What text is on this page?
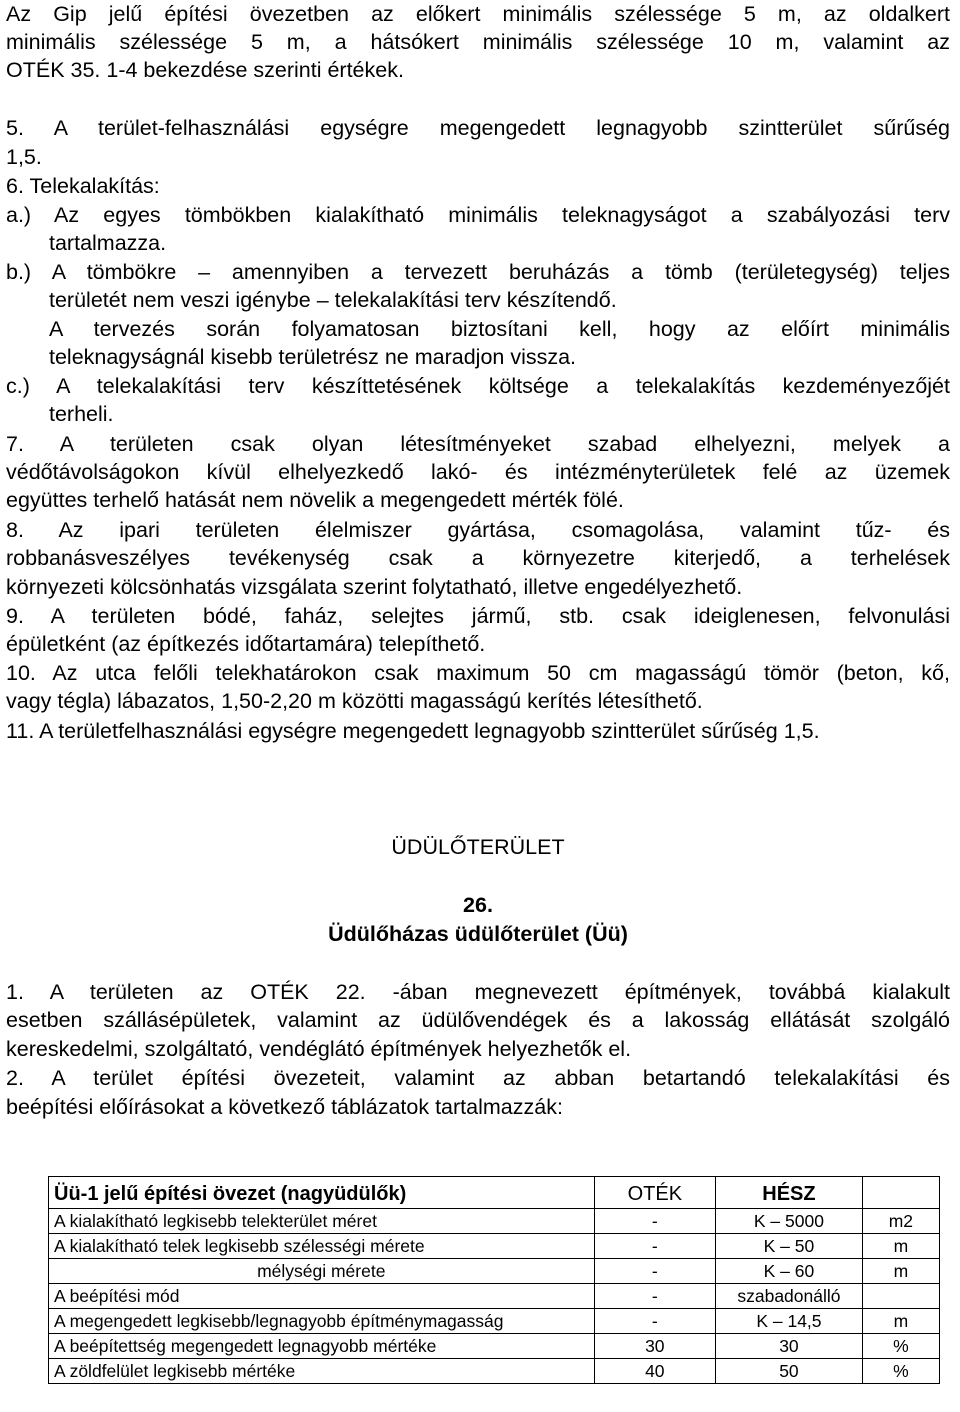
Az Gip jelű építési övezetben az előkert minimális szélessége 5 m, az oldalkert
minimális szélessége 5 m, a hátsókert minimális szélessége 10 m, valamint az
OTÉK 35. 1-4 bekezdése szerinti értékek.
5. A terület-felhasználási egységre megengedett legnagyobb szintterület sűrűség
1,5.
6. Telekalakítás:
a.) Az egyes tömbökben kialakítható minimális teleknagyságot a szabályozási terv
tartalmazza.
b.) A tömbökre – amennyiben a tervezett beruházás a tömb (területegység) teljes
területét nem veszi igénybe – telekalakítási terv készítendő.
A tervezés során folyamatosan biztosítani kell, hogy az előírt minimális
teleknagyságnál kisebb területrész ne maradjon vissza.
c.) A telekalakítási terv készíttetésének költsége a telekalakítás kezdeményezőjét
terheli.
7. A területen csak olyan létesítményeket szabad elhelyezni, melyek a
védőtávolságokon kívül elhelyezkedő lakó- és intézményterületek felé az üzemek
együttes terhelő hatását nem növelik a megengedett mérték fölé.
8. Az ipari területen élelmiszer gyártása, csomagolása, valamint tűz- és
robbanásveszélyes tevékenység csak a környezetre kiterjedő, a terhelések
környezeti kölcsönhatás vizsgálata szerint folytatható, illetve engedélyezhető.
9. A területen bódé, faház, selejtes jármű, stb. csak ideiglenesen, felvonulási
épületként (az építkezés időtartamára) telepíthető.
10. Az utca felőli telekhatárokon csak maximum 50 cm magasságú tömör (beton, kő,
vagy tégla) lábazatos, 1,50-2,20 m közötti magasságú kerítés létesíthető.
11. A területfelhasználási egységre megengedett legnagyobb szintterület sűrűség 1,5.
ÜDÜLŐTERÜLET
26.
Üdülőházas üdülőterület (Üü)
1. A területen az OTÉK 22. -ában megnevezett építmények, továbbá kialakult
esetben szállásépületek, valamint az üdülővendégek és a lakosság ellátását szolgáló
kereskedelmi, szolgáltató, vendéglátó építmények helyezhetők el.
2. A terület építési övezeteit, valamint az abban betartandó telekalakítási és
beépítési előírásokat a következő táblázatok tartalmazzák:
Üü-1 jelű építési övezet (nagyüdülők)	OTÉK	HÉSZ	
A kialakítható legkisebb telekterület méret	-	K – 5000	m2
A kialakítható telek legkisebb szélességi mérete	-	K – 50	m
mélységi mérete	-	K – 60	m
A beépítési mód	-	szabadonálló	
A megengedett legkisebb/legnagyobb építménymagasság	-	K – 14,5	m
A beépítettség megengedett legnagyobb mértéke	30	30	%
A zöldfelület legkisebb mértéke	40	50	%
